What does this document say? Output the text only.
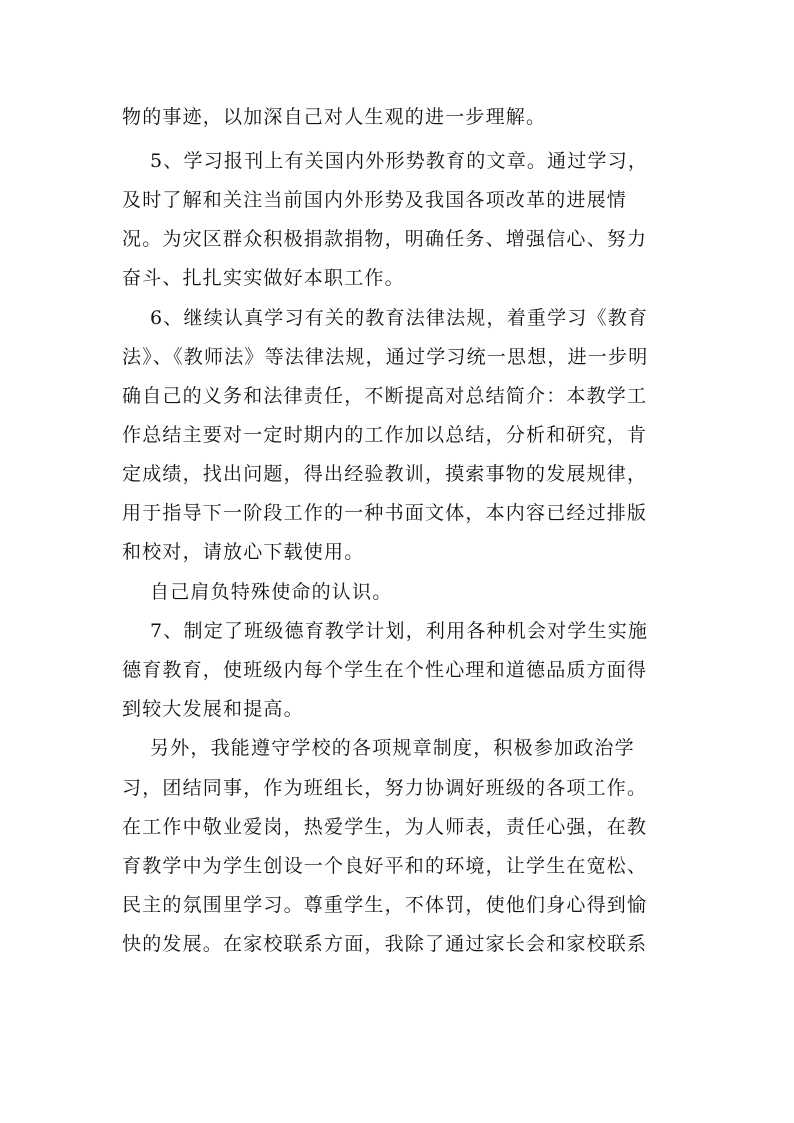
物的事迹，以加深自己对人生观的进一步理解。
5、学习报刊上有关国内外形势教育的文章。通过学习，
及时了解和关注当前国内外形势及我国各项改革的进展情
况。为灾区群众积极捐款捐物，明确任务、增强信心、努力
奋斗、扎扎实实做好本职工作。
6、继续认真学习有关的教育法律法规，着重学习《教育
法》、《教师法》等法律法规，通过学习统一思想，进一步明
确自己的义务和法律责任，不断提高对总结简介：本教学工
作总结主要对一定时期内的工作加以总结，分析和研究，肯
定成绩，找出问题，得出经验教训，摸索事物的发展规律，
用于指导下一阶段工作的一种书面文体，本内容已经过排版
和校对，请放心下载使用。
自己肩负特殊使命的认识。
7、制定了班级德育教学计划，利用各种机会对学生实施
德育教育，使班级内每个学生在个性心理和道德品质方面得
到较大发展和提高。
另外，我能遵守学校的各项规章制度，积极参加政治学
习，团结同事，作为班组长，努力协调好班级的各项工作。
在工作中敬业爱岗，热爱学生，为人师表，责任心强，在教
育教学中为学生创设一个良好平和的环境，让学生在宽松、
民主的氛围里学习。尊重学生，不体罚，使他们身心得到愉
快的发展。在家校联系方面，我除了通过家长会和家校联系
